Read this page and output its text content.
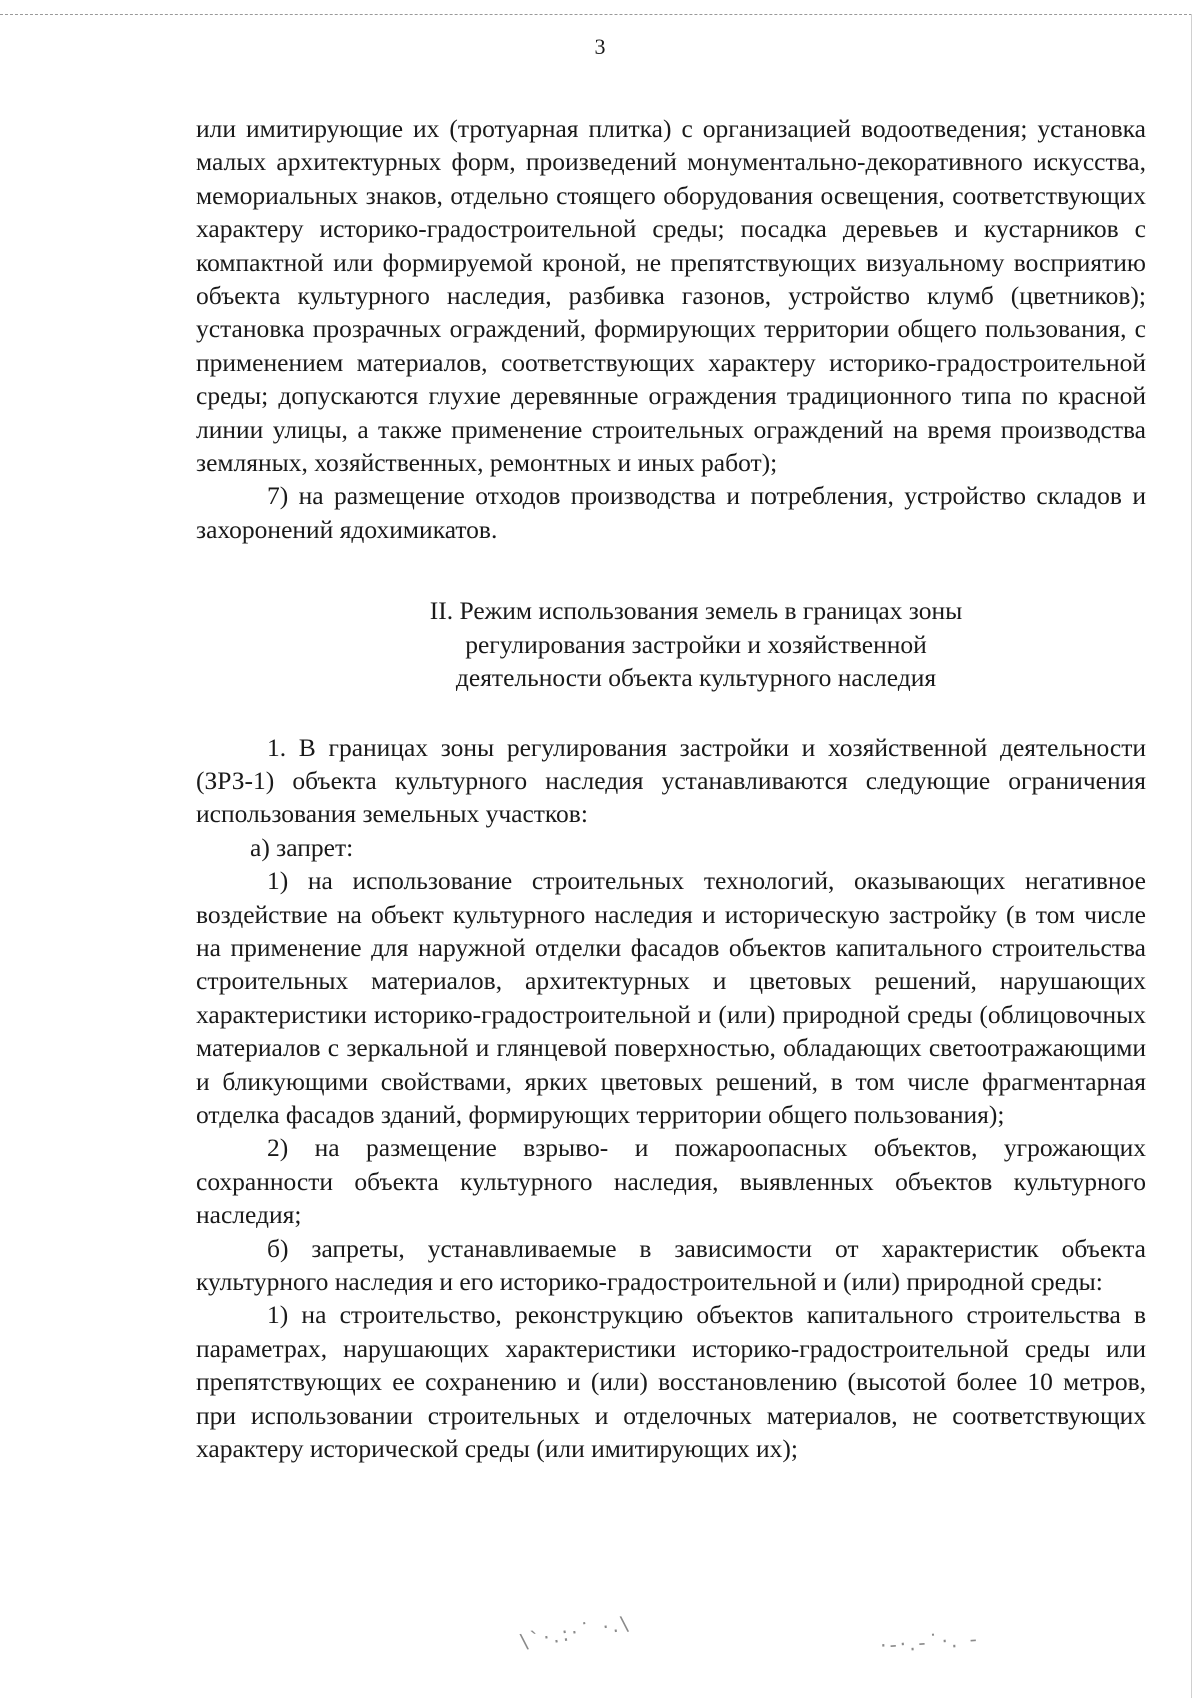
3

или имитирующие их (тротуарная плитка) с организацией водоотведения; установка малых архитектурных форм, произведений монументально-декоративного искусства, мемориальных знаков, отдельно стоящего оборудования освещения, соответствующих характеру историко-градостроительной среды; посадка деревьев и кустарников с компактной или формируемой кроной, не препятствующих визуальному восприятию объекта культурного наследия, разбивка газонов, устройство клумб (цветников); установка прозрачных ограждений, формирующих территории общего пользования, с применением материалов, соответствующих характеру историко-градостроительной среды; допускаются глухие деревянные ограждения традиционного типа по красной линии улицы, а также применение строительных ограждений на время производства земляных, хозяйственных, ремонтных и иных работ);

7) на размещение отходов производства и потребления, устройство складов и захоронений ядохимикатов.

II. Режим использования земель в границах зоны
регулирования застройки и хозяйственной
деятельности объекта культурного наследия

1. В границах зоны регулирования застройки и хозяйственной деятельности (ЗРЗ-1) объекта культурного наследия устанавливаются следующие ограничения использования земельных участков:

а) запрет:

1) на использование строительных технологий, оказывающих негативное воздействие на объект культурного наследия и историческую застройку (в том числе на применение для наружной отделки фасадов объектов капитального строительства строительных материалов, архитектурных и цветовых решений, нарушающих характеристики историко-градостроительной и (или) природной среды (облицовочных материалов с зеркальной и глянцевой поверхностью, обладающих светоотражающими и бликующими свойствами, ярких цветовых решений, в том числе фрагментарная отделка фасадов зданий, формирующих территории общего пользования);

2) на размещение взрыво- и пожароопасных объектов, угрожающих сохранности объекта культурного наследия, выявленных объектов культурного наследия;

б) запреты, устанавливаемые в зависимости от характеристик объекта культурного наследия и его историко-градостроительной и (или) природной среды:

1) на строительство, реконструкцию объектов капитального строительства в параметрах, нарушающих характеристики историко-градостроительной среды или препятствующих ее сохранению и (или) восстановлению (высотой более 10 метров, при использовании строительных и отделочных материалов, не соответствующих характеру исторической среды (или имитирующих их);

\`·.:·˙ ·.\	·-·.-˙·. -
